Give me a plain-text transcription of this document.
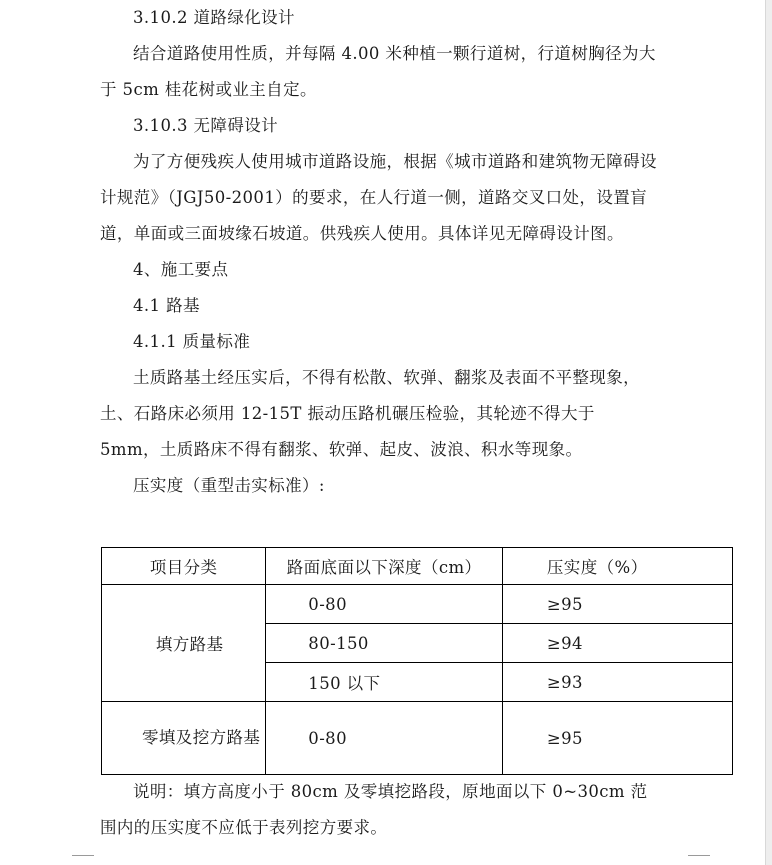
3.10.2 道路绿化设计

结合道路使用性质，并每隔 4.00 米种植一颗行道树，行道树胸径为大于 5cm 桂花树或业主自定。

3.10.3 无障碍设计

为了方便残疾人使用城市道路设施，根据《城市道路和建筑物无障碍设计规范》（JGJ50-2001）的要求，在人行道一侧，道路交叉口处，设置盲道，单面或三面坡缘石坡道。供残疾人使用。具体详见无障碍设计图。

4、施工要点

4.1 路基

4.1.1 质量标准

土质路基土经压实后，不得有松散、软弹、翻浆及表面不平整现象，土、石路床必须用 12-15T 振动压路机碾压检验，其轮迹不得大于 5mm，土质路床不得有翻浆、软弹、起皮、波浪、积水等现象。

压实度（重型击实标准）:

项目分类	路面底面以下深度（cm）	压实度（%）
填方路基	0-80	≥95
	80-150	≥94
	150 以下	≥93
零填及挖方路基	0-80	≥95

说明：填方高度小于 80cm 及零填挖路段，原地面以下 0~30cm 范围内的压实度不应低于表列挖方要求。
